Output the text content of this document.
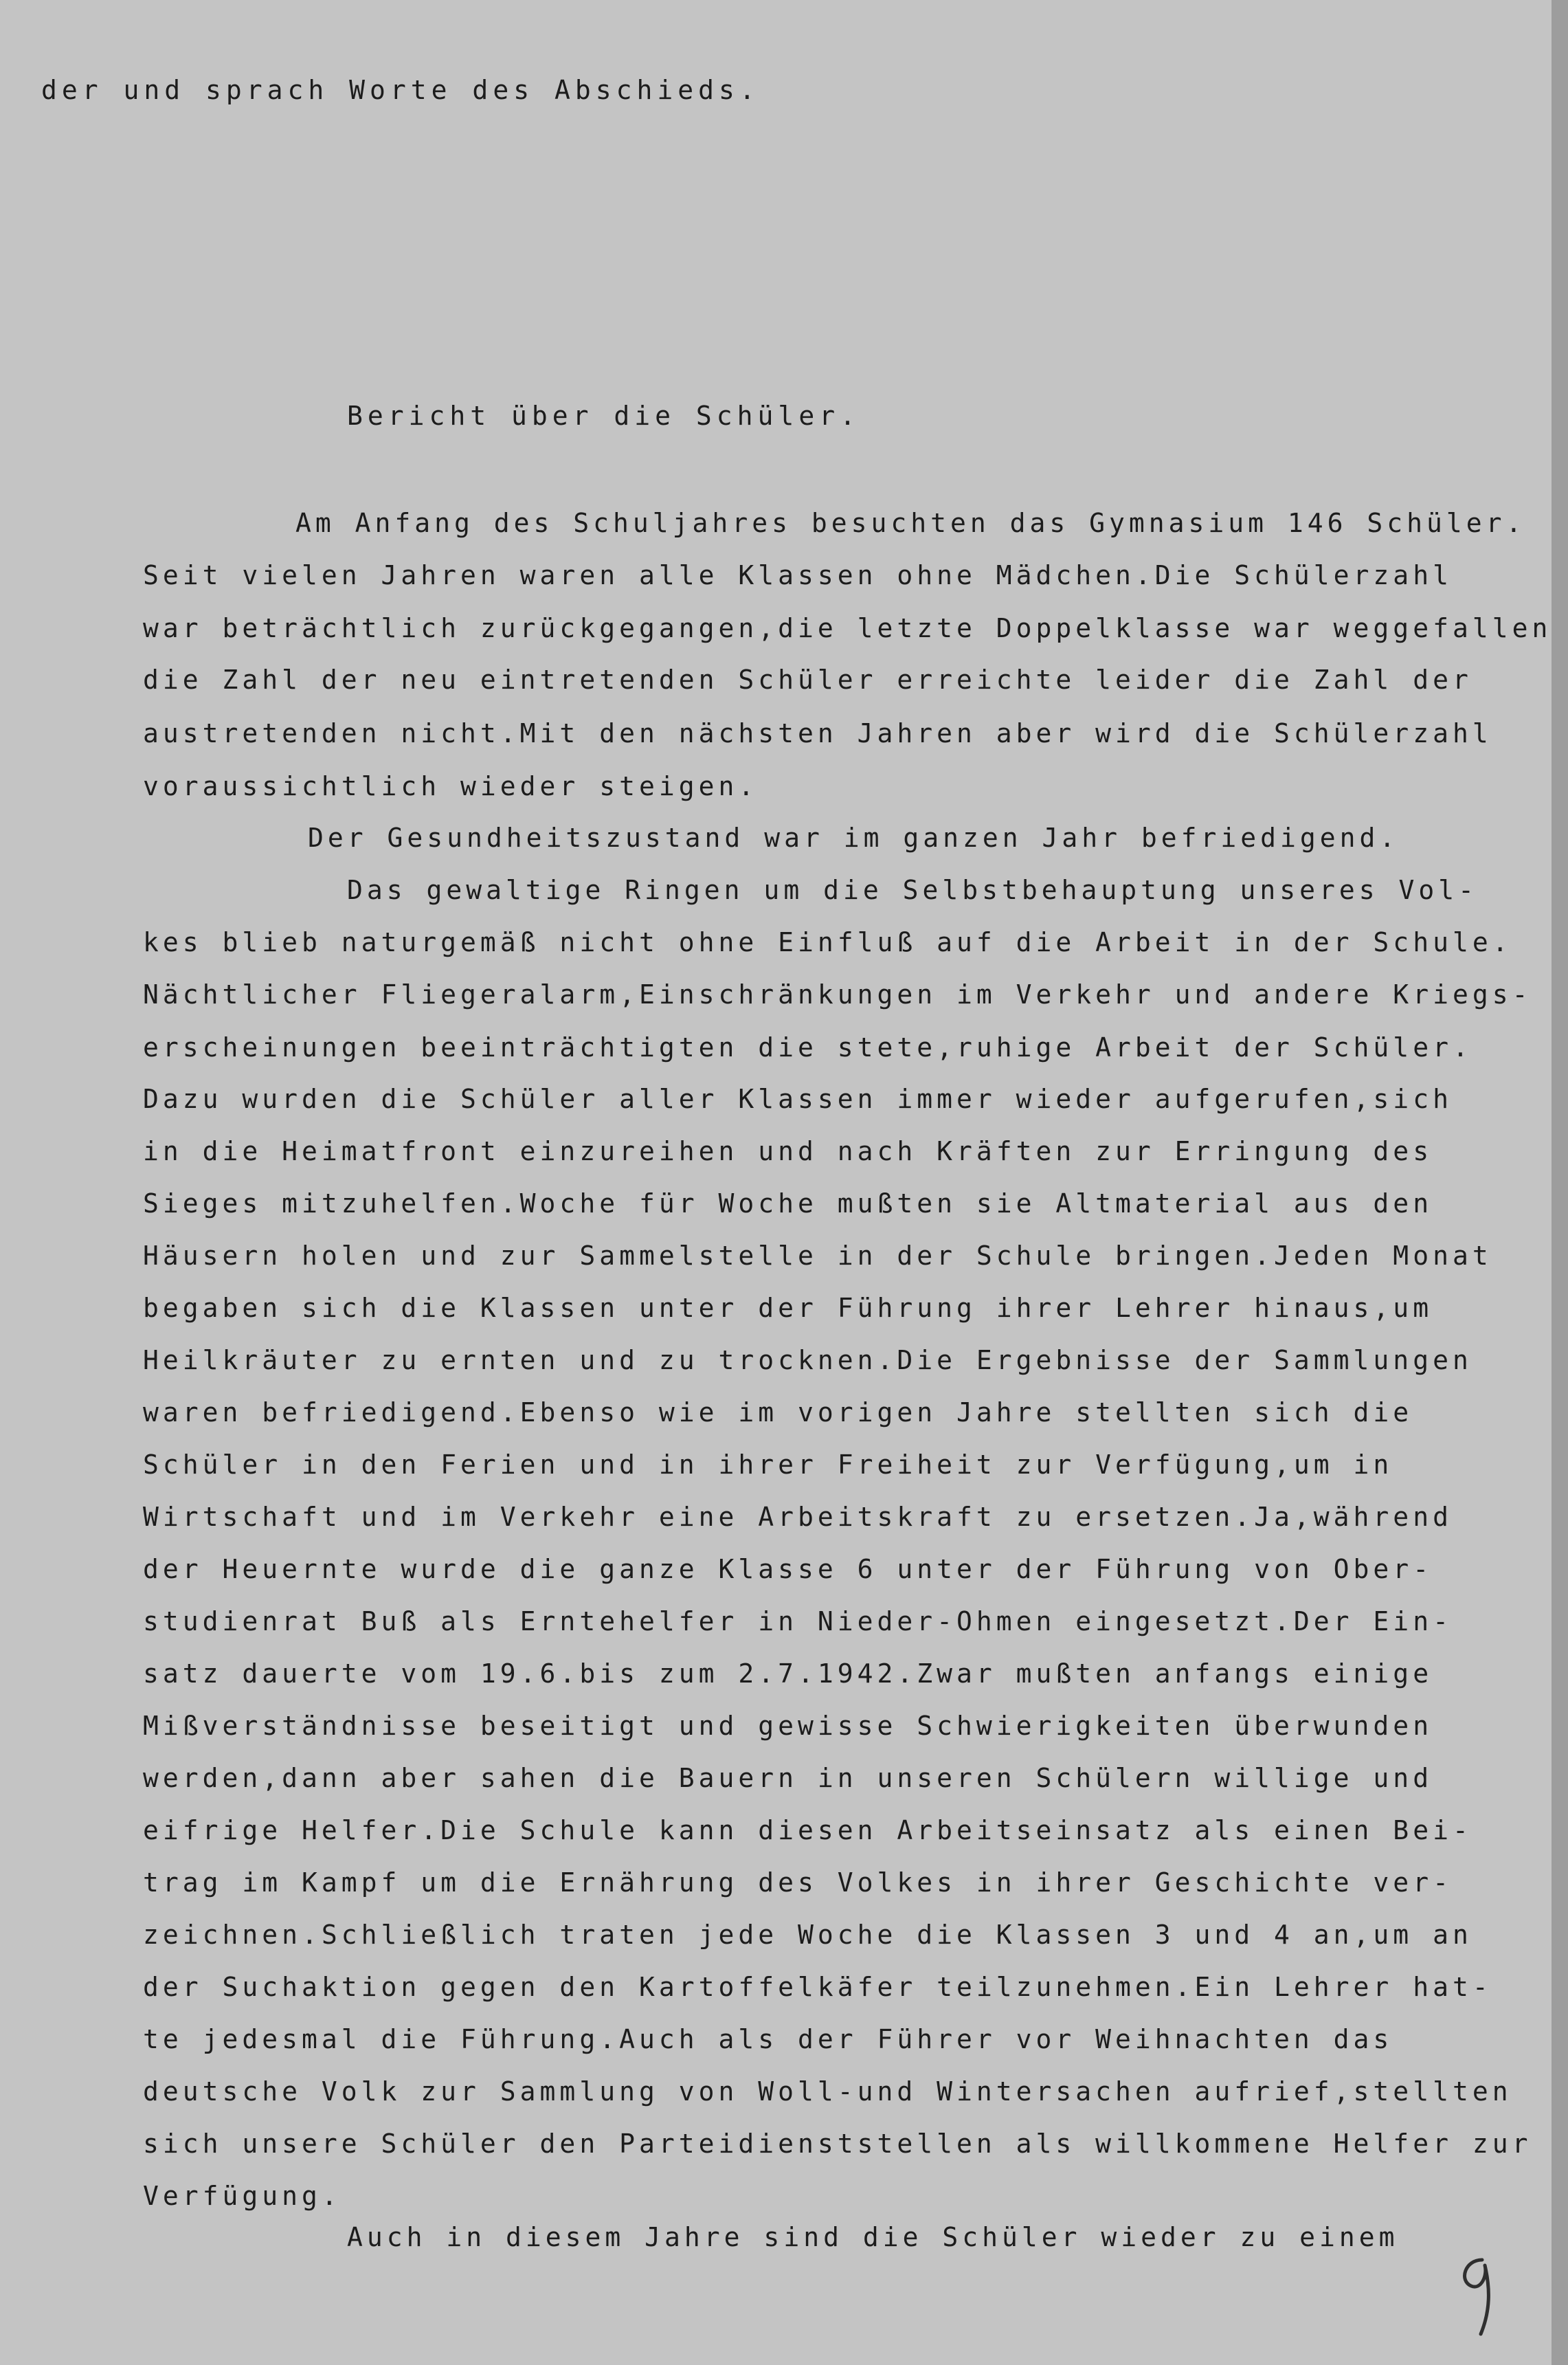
der und sprach Worte des Abschieds.
Bericht über die Schüler.
Am Anfang des Schuljahres besuchten das Gymnasium 146 Schüler.
Seit vielen Jahren waren alle Klassen ohne Mädchen.Die Schülerzahl
war beträchtlich zurückgegangen,die letzte Doppelklasse war weggefallen
die Zahl der neu eintretenden Schüler erreichte leider die Zahl der
austretenden nicht.Mit den nächsten Jahren aber wird die Schülerzahl
voraussichtlich wieder steigen.
Der Gesundheitszustand war im ganzen Jahr befriedigend.
Das gewaltige Ringen um die Selbstbehauptung unseres Vol-
kes blieb naturgemäß nicht ohne Einfluß auf die Arbeit in der Schule.
Nächtlicher Fliegeralarm,Einschränkungen im Verkehr und andere Kriegs-
erscheinungen beeinträchtigten die stete,ruhige Arbeit der Schüler.
Dazu wurden die Schüler aller Klassen immer wieder aufgerufen,sich
in die Heimatfront einzureihen und nach Kräften zur Erringung des
Sieges mitzuhelfen.Woche für Woche mußten sie Altmaterial aus den
Häusern holen und zur Sammelstelle in der Schule bringen.Jeden Monat
begaben sich die Klassen unter der Führung ihrer Lehrer hinaus,um
Heilkräuter zu ernten und zu trocknen.Die Ergebnisse der Sammlungen
waren befriedigend.Ebenso wie im vorigen Jahre stellten sich die
Schüler in den Ferien und in ihrer Freiheit zur Verfügung,um in
Wirtschaft und im Verkehr eine Arbeitskraft zu ersetzen.Ja,während
der Heuernte wurde die ganze Klasse 6 unter der Führung von Ober-
studienrat Buß als Erntehelfer in Nieder-Ohmen eingesetzt.Der Ein-
satz dauerte vom 19.6.bis zum 2.7.1942.Zwar mußten anfangs einige
Mißverständnisse beseitigt und gewisse Schwierigkeiten überwunden
werden,dann aber sahen die Bauern in unseren Schülern willige und
eifrige Helfer.Die Schule kann diesen Arbeitseinsatz als einen Bei-
trag im Kampf um die Ernährung des Volkes in ihrer Geschichte ver-
zeichnen.Schließlich traten jede Woche die Klassen 3 und 4 an,um an
der Suchaktion gegen den Kartoffelkäfer teilzunehmen.Ein Lehrer hat-
te jedesmal die Führung.Auch als der Führer vor Weihnachten das
deutsche Volk zur Sammlung von Woll-und Wintersachen aufrief,stellten
sich unsere Schüler den Parteidienststellen als willkommene Helfer zur
Verfügung.
Auch in diesem Jahre sind die Schüler wieder zu einem
